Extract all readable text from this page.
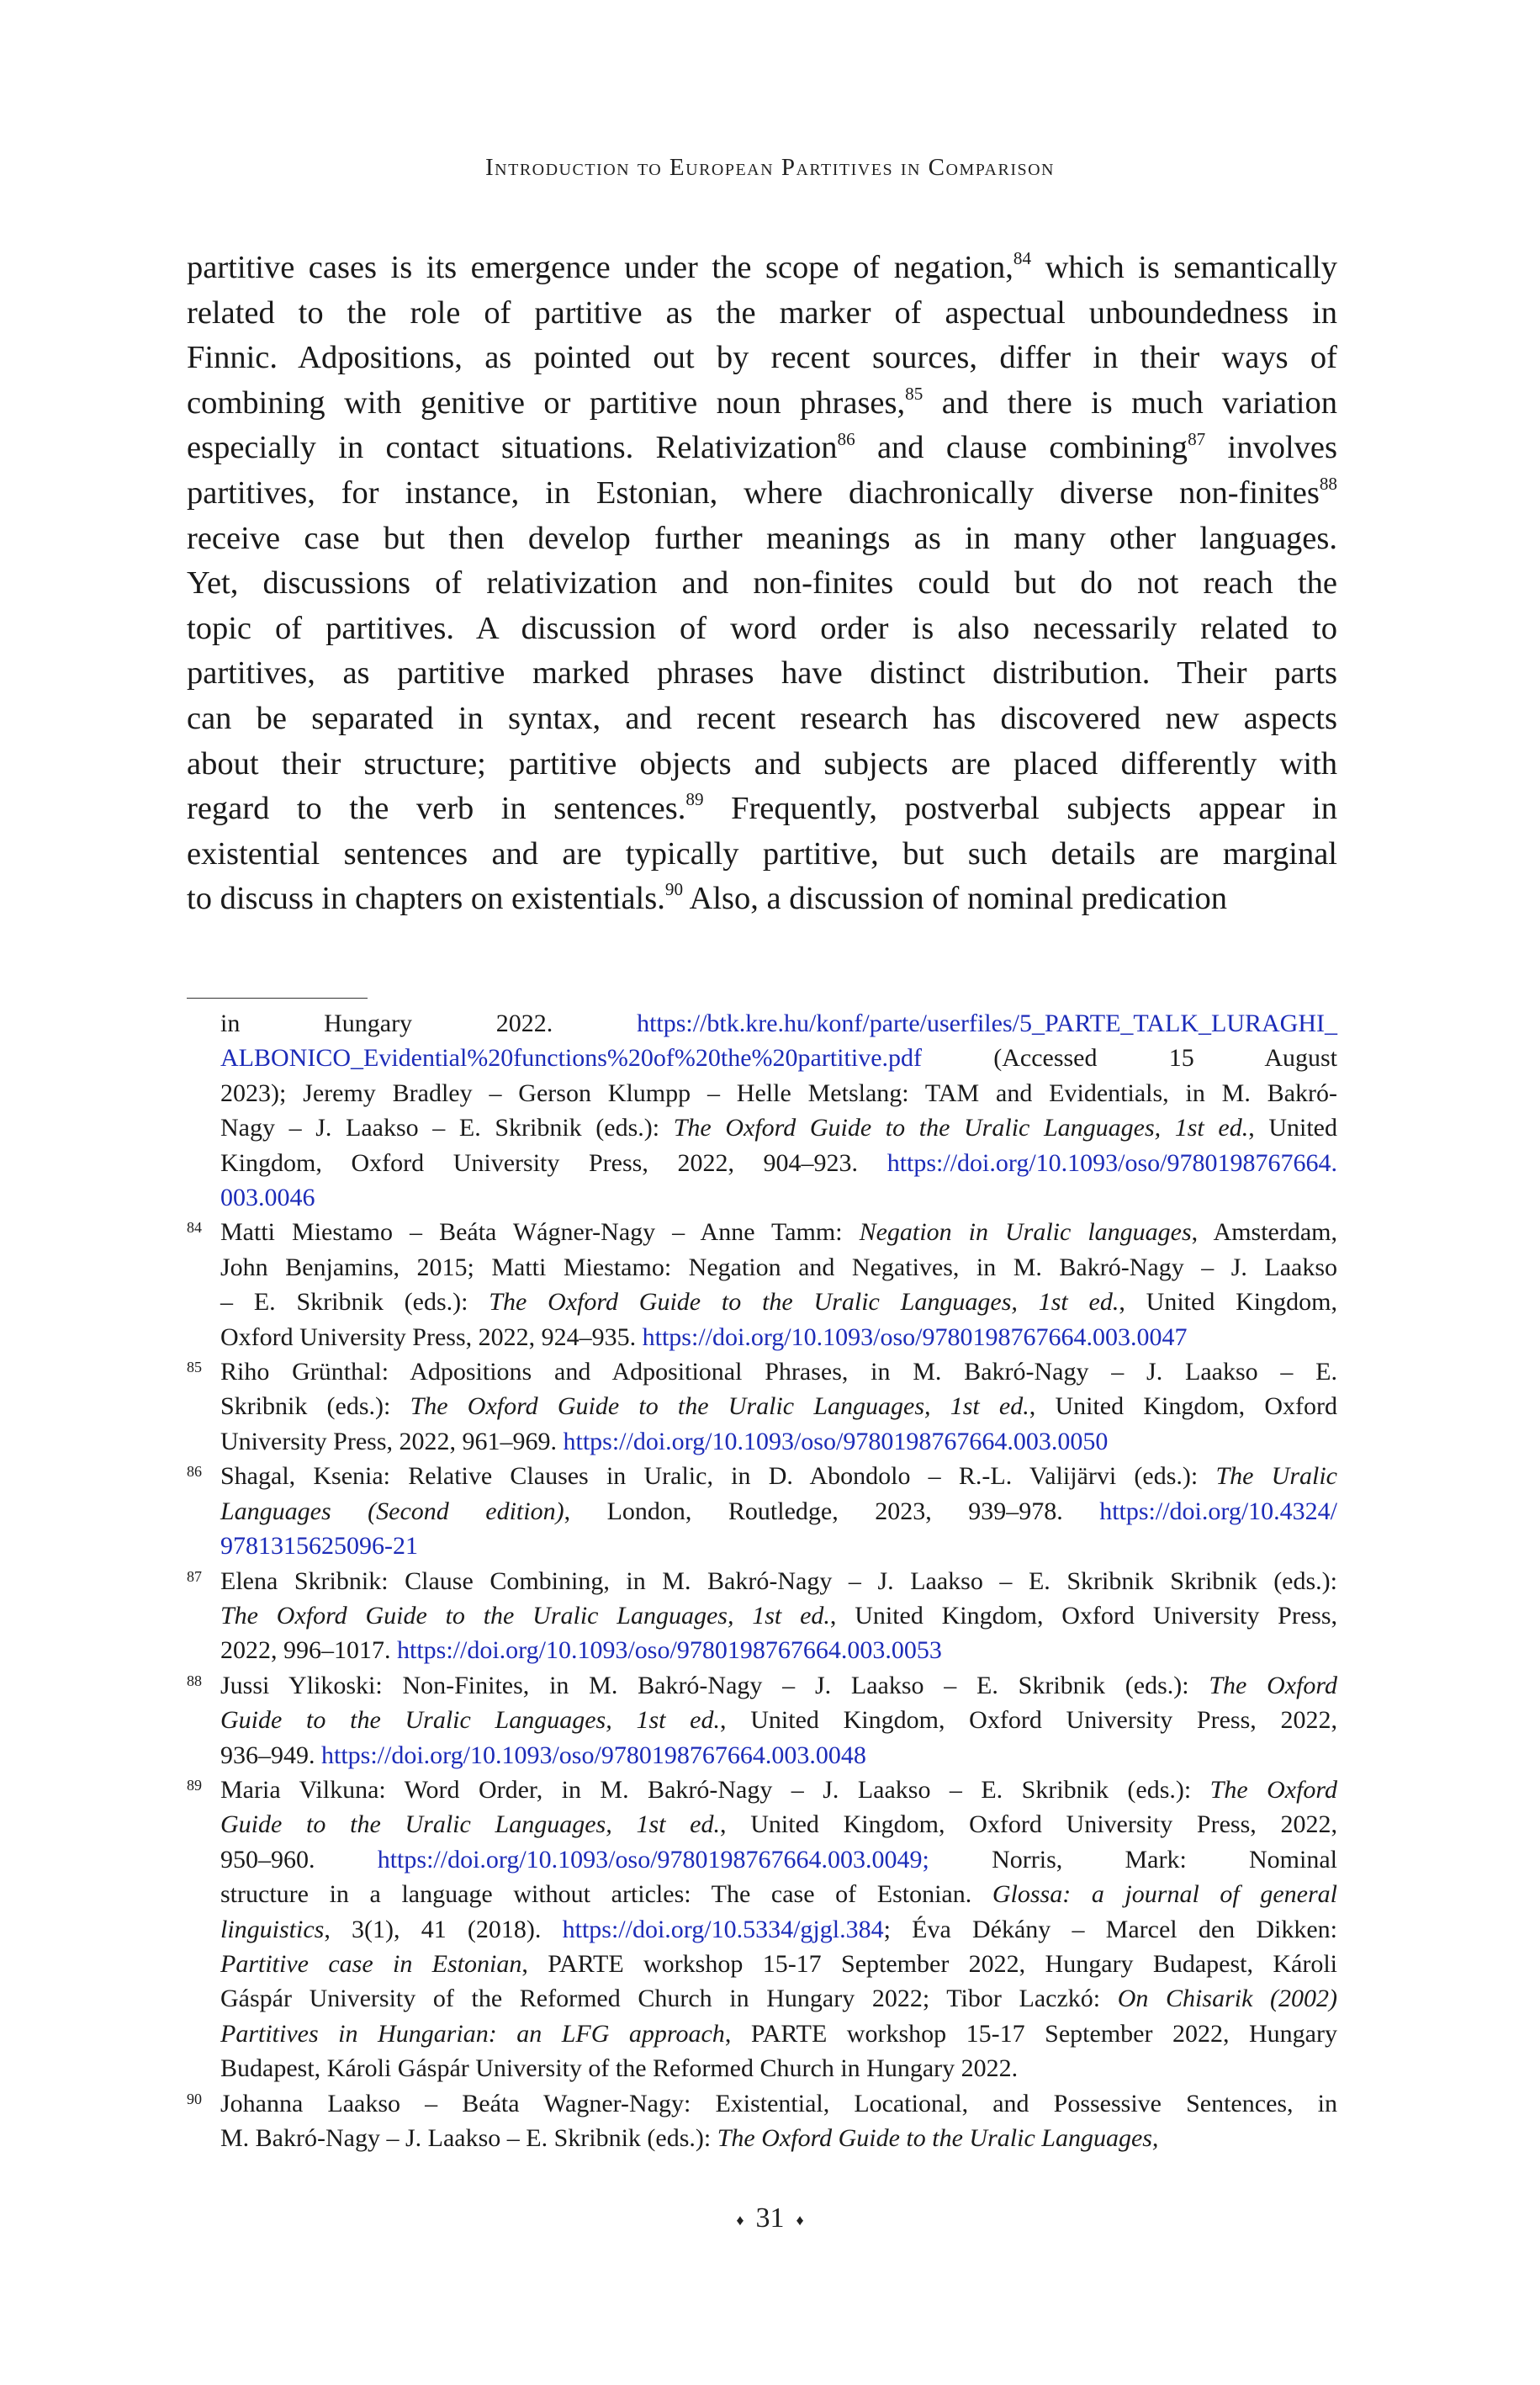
Introduction to European Partitives in Comparison
partitive cases is its emergence under the scope of negation,$^{84}$ which is semantically
related to the role of partitive as the marker of aspectual unboundedness in
Finnic. Adpositions, as pointed out by recent sources, differ in their ways of
combining with genitive or partitive noun phrases,$^{85}$ and there is much variation
especially in contact situations. Relativization$^{86}$ and clause combining$^{87}$ involves
partitives, for instance, in Estonian, where diachronically diverse non-finites$^{88}$
receive case but then develop further meanings as in many other languages.
Yet, discussions of relativization and non-finites could but do not reach the
topic of partitives. A discussion of word order is also necessarily related to
partitives, as partitive marked phrases have distinct distribution. Their parts
can be separated in syntax, and recent research has discovered new aspects
about their structure; partitive objects and subjects are placed differently with
regard to the verb in sentences.$^{89}$ Frequently, postverbal subjects appear in
existential sentences and are typically partitive, but such details are marginal
to discuss in chapters on existentials.$^{90}$ Also, a discussion of nominal predication
in Hungary 2022. https://btk.kre.hu/konf/parte/userfiles/5_PARTE_TALK_LURAGHI_
ALBONICO_Evidential%20functions%20of%20the%20partitive.pdf (Accessed 15 August
2023); Jeremy Bradley – Gerson Klumpp – Helle Metslang: TAM and Evidentials, in M. Bakró-
Nagy – J. Laakso – E. Skribnik (eds.): The Oxford Guide to the Uralic Languages, 1st ed., United
Kingdom, Oxford University Press, 2022, 904–923. https://doi.org/10.1093/oso/9780198767664.
003.0046
84 Matti Miestamo – Beáta Wágner-Nagy – Anne Tamm: Negation in Uralic languages, Amsterdam,
John Benjamins, 2015; Matti Miestamo: Negation and Negatives, in M. Bakró-Nagy – J. Laakso
– E. Skribnik (eds.): The Oxford Guide to the Uralic Languages, 1st ed., United Kingdom,
Oxford University Press, 2022, 924–935. https://doi.org/10.1093/oso/9780198767664.003.0047
85 Riho Grünthal: Adpositions and Adpositional Phrases, in M. Bakró-Nagy – J. Laakso – E.
Skribnik (eds.): The Oxford Guide to the Uralic Languages, 1st ed., United Kingdom, Oxford
University Press, 2022, 961–969. https://doi.org/10.1093/oso/9780198767664.003.0050
86 Shagal, Ksenia: Relative Clauses in Uralic, in D. Abondolo – R.-L. Valijärvi (eds.): The Uralic
Languages (Second edition), London, Routledge, 2023, 939–978. https://doi.org/10.4324/
9781315625096-21
87 Elena Skribnik: Clause Combining, in M. Bakró-Nagy – J. Laakso – E. Skribnik Skribnik (eds.):
The Oxford Guide to the Uralic Languages, 1st ed., United Kingdom, Oxford University Press,
2022, 996–1017. https://doi.org/10.1093/oso/9780198767664.003.0053
88 Jussi Ylikoski: Non-Finites, in M. Bakró-Nagy – J. Laakso – E. Skribnik (eds.): The Oxford
Guide to the Uralic Languages, 1st ed., United Kingdom, Oxford University Press, 2022,
936–949. https://doi.org/10.1093/oso/9780198767664.003.0048
89 Maria Vilkuna: Word Order, in M. Bakró-Nagy – J. Laakso – E. Skribnik (eds.): The Oxford
Guide to the Uralic Languages, 1st ed., United Kingdom, Oxford University Press, 2022,
950–960. https://doi.org/10.1093/oso/9780198767664.003.0049; Norris, Mark: Nominal
structure in a language without articles: The case of Estonian. Glossa: a journal of general
linguistics, 3(1), 41 (2018). https://doi.org/10.5334/gjgl.384; Éva Dékány – Marcel den Dikken:
Partitive case in Estonian, PARTE workshop 15-17 September 2022, Hungary Budapest, Károli
Gáspár University of the Reformed Church in Hungary 2022; Tibor Laczkó: On Chisarik (2002)
Partitives in Hungarian: an LFG approach, PARTE workshop 15-17 September 2022, Hungary
Budapest, Károli Gáspár University of the Reformed Church in Hungary 2022.
90 Johanna Laakso – Beáta Wagner-Nagy: Existential, Locational, and Possessive Sentences, in
M. Bakró-Nagy – J. Laakso – E. Skribnik (eds.): The Oxford Guide to the Uralic Languages,
♦ 31 ♦
